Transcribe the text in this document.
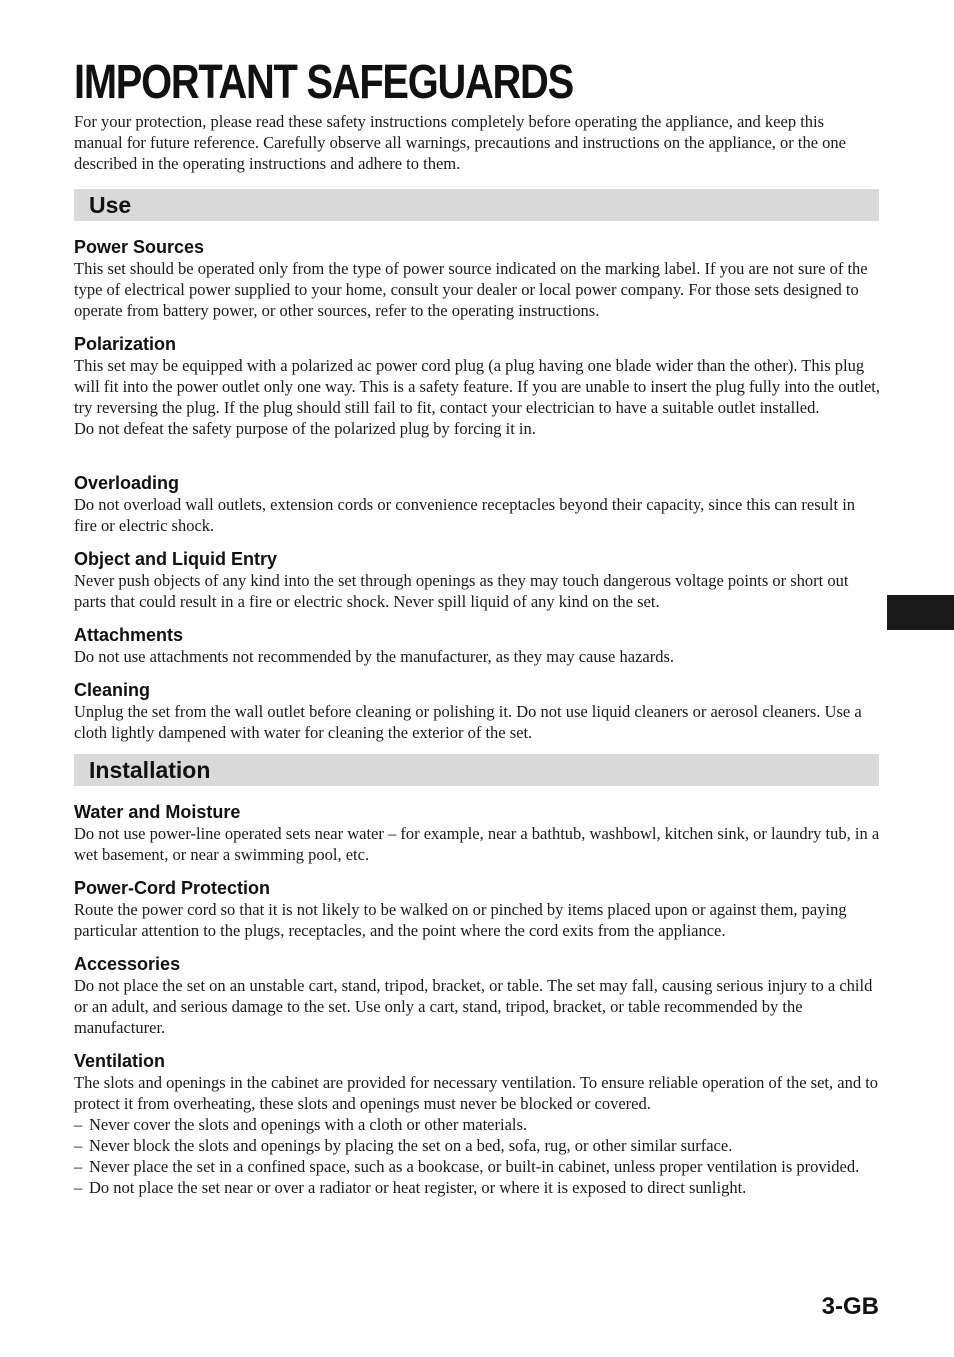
IMPORTANT SAFEGUARDS

For your protection, please read these safety instructions completely before operating the appliance, and keep this manual for future reference. Carefully observe all warnings, precautions and instructions on the appliance, or the one described in the operating instructions and adhere to them.

Use
Power Sources

This set should be operated only from the type of power source indicated on the marking label. If you are not sure of the type of electrical power supplied to your home, consult your dealer or local power company. For those sets designed to operate from battery power, or other sources, refer to the operating instructions.

Polarization

This set may be equipped with a polarized ac power cord plug (a plug having one blade wider than the other). This plug will fit into the power outlet only one way. This is a safety feature. If you are unable to insert the plug fully into the outlet, try reversing the plug. If the plug should still fail to fit, contact your electrician to have a suitable outlet installed.

Do not defeat the safety purpose of the polarized plug by forcing it in.

Overloading

Do not overload wall outlets, extension cords or convenience receptacles beyond their capacity, since this can result in fire or electric shock.

Object and Liquid Entry

Never push objects of any kind into the set through openings as they may touch dangerous voltage points or short out parts that could result in a fire or electric shock. Never spill liquid of any kind on the set.

Attachments

Do not use attachments not recommended by the manufacturer, as they may cause hazards.

Cleaning

Unplug the set from the wall outlet before cleaning or polishing it. Do not use liquid cleaners or aerosol cleaners. Use a cloth lightly dampened with water for cleaning the exterior of the set.

Installation
Water and Moisture

Do not use power-line operated sets near water – for example, near a bathtub, washbowl, kitchen sink, or laundry tub, in a wet basement, or near a swimming pool, etc.

Power-Cord Protection

Route the power cord so that it is not likely to be walked on or pinched by items placed upon or against them, paying particular attention to the plugs, receptacles, and the point where the cord exits from the appliance.

Accessories

Do not place the set on an unstable cart, stand, tripod, bracket, or table. The set may fall, causing serious injury to a child or an adult, and serious damage to the set. Use only a cart, stand, tripod, bracket, or table recommended by the manufacturer.

Ventilation

The slots and openings in the cabinet are provided for necessary ventilation. To ensure reliable operation of the set, and to protect it from overheating, these slots and openings must never be blocked or covered.

– Never cover the slots and openings with a cloth or other materials.
– Never block the slots and openings by placing the set on a bed, sofa, rug, or other similar surface.
– Never place the set in a confined space, such as a bookcase, or built-in cabinet, unless proper ventilation is provided.
– Do not place the set near or over a radiator or heat register, or where it is exposed to direct sunlight.
3-GB
